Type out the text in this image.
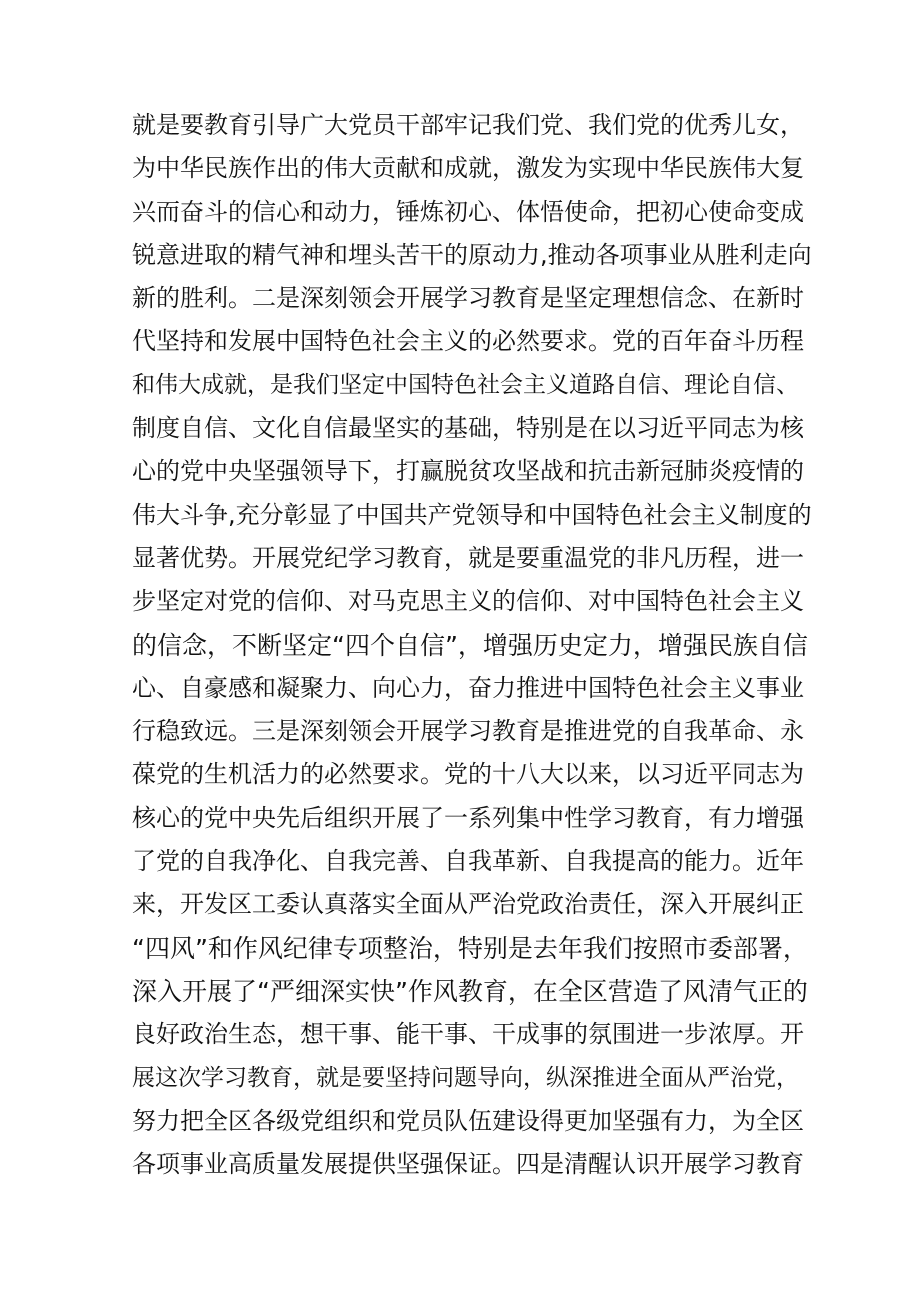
就是要教育引导广大党员干部牢记我们党、我们党的优秀儿女，
为中华民族作出的伟大贡献和成就，激发为实现中华民族伟大复
兴而奋斗的信心和动力，锤炼初心、体悟使命，把初心使命变成
锐意进取的精气神和埋头苦干的原动力,推动各项事业从胜利走向
新的胜利。二是深刻领会开展学习教育是坚定理想信念、在新时
代坚持和发展中国特色社会主义的必然要求。党的百年奋斗历程
和伟大成就，是我们坚定中国特色社会主义道路自信、理论自信、
制度自信、文化自信最坚实的基础，特别是在以习近平同志为核
心的党中央坚强领导下，打赢脱贫攻坚战和抗击新冠肺炎疫情的
伟大斗争,充分彰显了中国共产党领导和中国特色社会主义制度的
显著优势。开展党纪学习教育，就是要重温党的非凡历程，进一
步坚定对党的信仰、对马克思主义的信仰、对中国特色社会主义
的信念，不断坚定“四个自信”，增强历史定力，增强民族自信
心、自豪感和凝聚力、向心力，奋力推进中国特色社会主义事业
行稳致远。三是深刻领会开展学习教育是推进党的自我革命、永
葆党的生机活力的必然要求。党的十八大以来，以习近平同志为
核心的党中央先后组织开展了一系列集中性学习教育，有力增强
了党的自我净化、自我完善、自我革新、自我提高的能力。近年
来，开发区工委认真落实全面从严治党政治责任，深入开展纠正
“四风”和作风纪律专项整治，特别是去年我们按照市委部署，
深入开展了“严细深实快”作风教育，在全区营造了风清气正的
良好政治生态，想干事、能干事、干成事的氛围进一步浓厚。开
展这次学习教育，就是要坚持问题导向，纵深推进全面从严治党，
努力把全区各级党组织和党员队伍建设得更加坚强有力，为全区
各项事业高质量发展提供坚强保证。四是清醒认识开展学习教育
